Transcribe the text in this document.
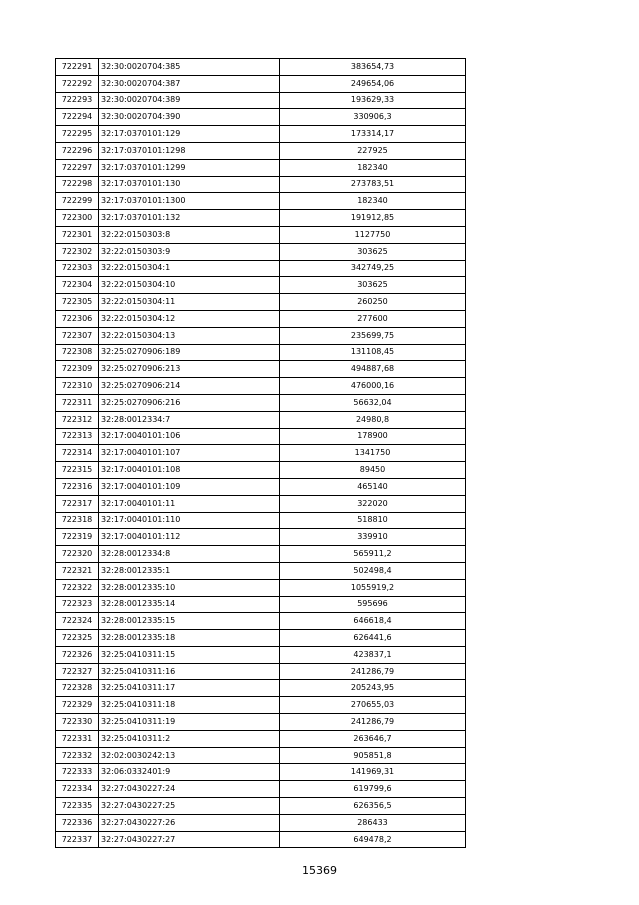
722291	32:30:0020704:385	383654,73
722292	32:30:0020704:387	249654,06
722293	32:30:0020704:389	193629,33
722294	32:30:0020704:390	330906,3
722295	32:17:0370101:129	173314,17
722296	32:17:0370101:1298	227925
722297	32:17:0370101:1299	182340
722298	32:17:0370101:130	273783,51
722299	32:17:0370101:1300	182340
722300	32:17:0370101:132	191912,85
722301	32:22:0150303:8	1127750
722302	32:22:0150303:9	303625
722303	32:22:0150304:1	342749,25
722304	32:22:0150304:10	303625
722305	32:22:0150304:11	260250
722306	32:22:0150304:12	277600
722307	32:22:0150304:13	235699,75
722308	32:25:0270906:189	131108,45
722309	32:25:0270906:213	494887,68
722310	32:25:0270906:214	476000,16
722311	32:25:0270906:216	56632,04
722312	32:28:0012334:7	24980,8
722313	32:17:0040101:106	178900
722314	32:17:0040101:107	1341750
722315	32:17:0040101:108	89450
722316	32:17:0040101:109	465140
722317	32:17:0040101:11	322020
722318	32:17:0040101:110	518810
722319	32:17:0040101:112	339910
722320	32:28:0012334:8	565911,2
722321	32:28:0012335:1	502498,4
722322	32:28:0012335:10	1055919,2
722323	32:28:0012335:14	595696
722324	32:28:0012335:15	646618,4
722325	32:28:0012335:18	626441,6
722326	32:25:0410311:15	423837,1
722327	32:25:0410311:16	241286,79
722328	32:25:0410311:17	205243,95
722329	32:25:0410311:18	270655,03
722330	32:25:0410311:19	241286,79
722331	32:25:0410311:2	263646,7
722332	32:02:0030242:13	905851,8
722333	32:06:0332401:9	141969,31
722334	32:27:0430227:24	619799,6
722335	32:27:0430227:25	626356,5
722336	32:27:0430227:26	286433
722337	32:27:0430227:27	649478,2
15369
